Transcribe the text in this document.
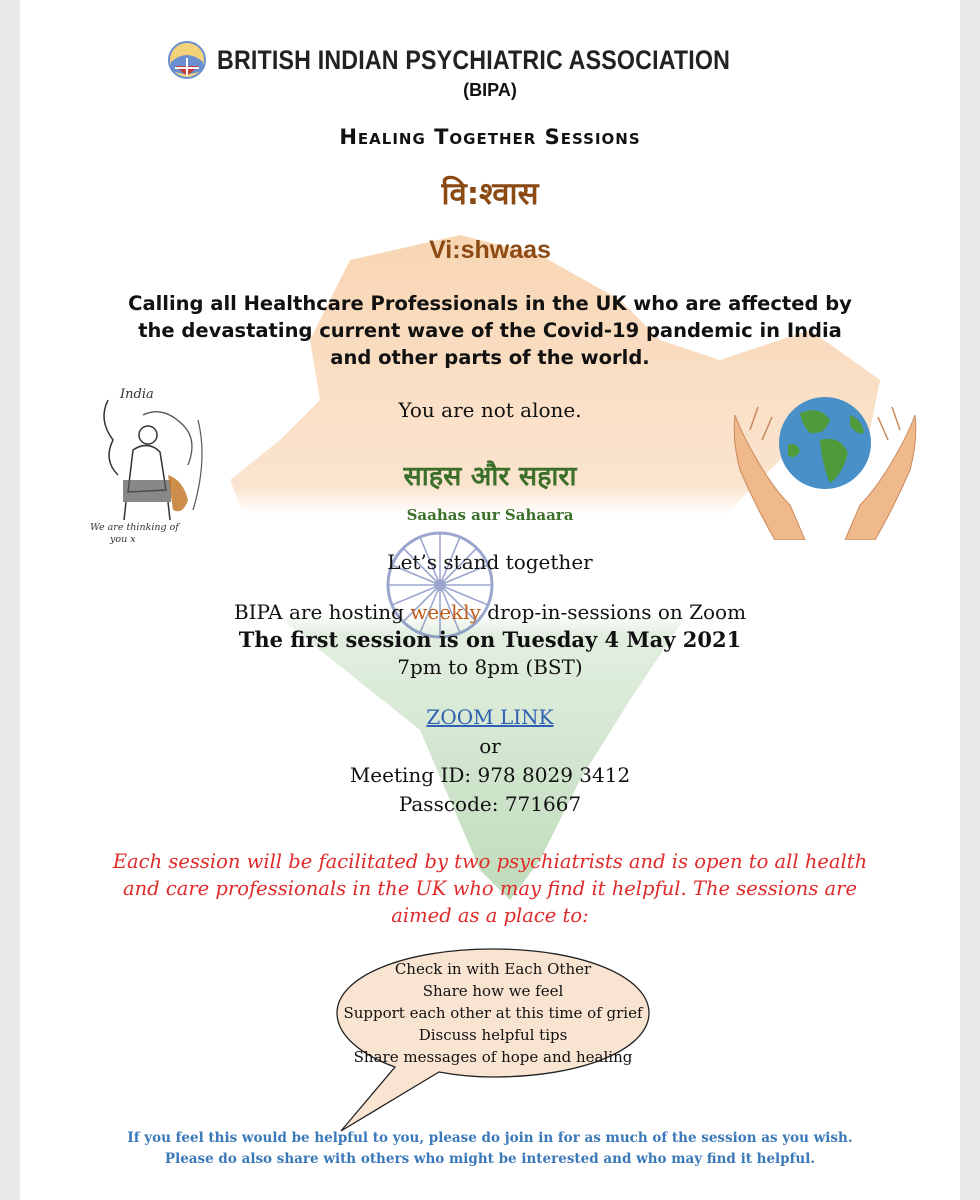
BRITISH INDIAN PSYCHIATRIC ASSOCIATION
(BIPA)
Healing Together Sessions
वि:श्वास
Vi:shwaas
Calling all Healthcare Professionals in the UK who are affected by the devastating current wave of the Covid-19 pandemic in India and other parts of the world.
India
We are thinking of
you x
You are not alone.
साहस और सहारा
Saahas aur Sahaara
Let’s stand together
BIPA are hosting weekly drop-in-sessions on Zoom
The first session is on Tuesday 4 May 2021
7pm to 8pm (BST)
ZOOM LINK
or
Meeting ID: 978 8029 3412
Passcode: 771667
Each session will be facilitated by two psychiatrists and is open to all health and care professionals in the UK who may find it helpful. The sessions are aimed as a place to:
Check in with Each Other
Share how we feel
Support each other at this time of grief
Discuss helpful tips
Share messages of hope and healing
If you feel this would be helpful to you, please do join in for as much of the session as you wish.
Please do also share with others who might be interested and who may find it helpful.
